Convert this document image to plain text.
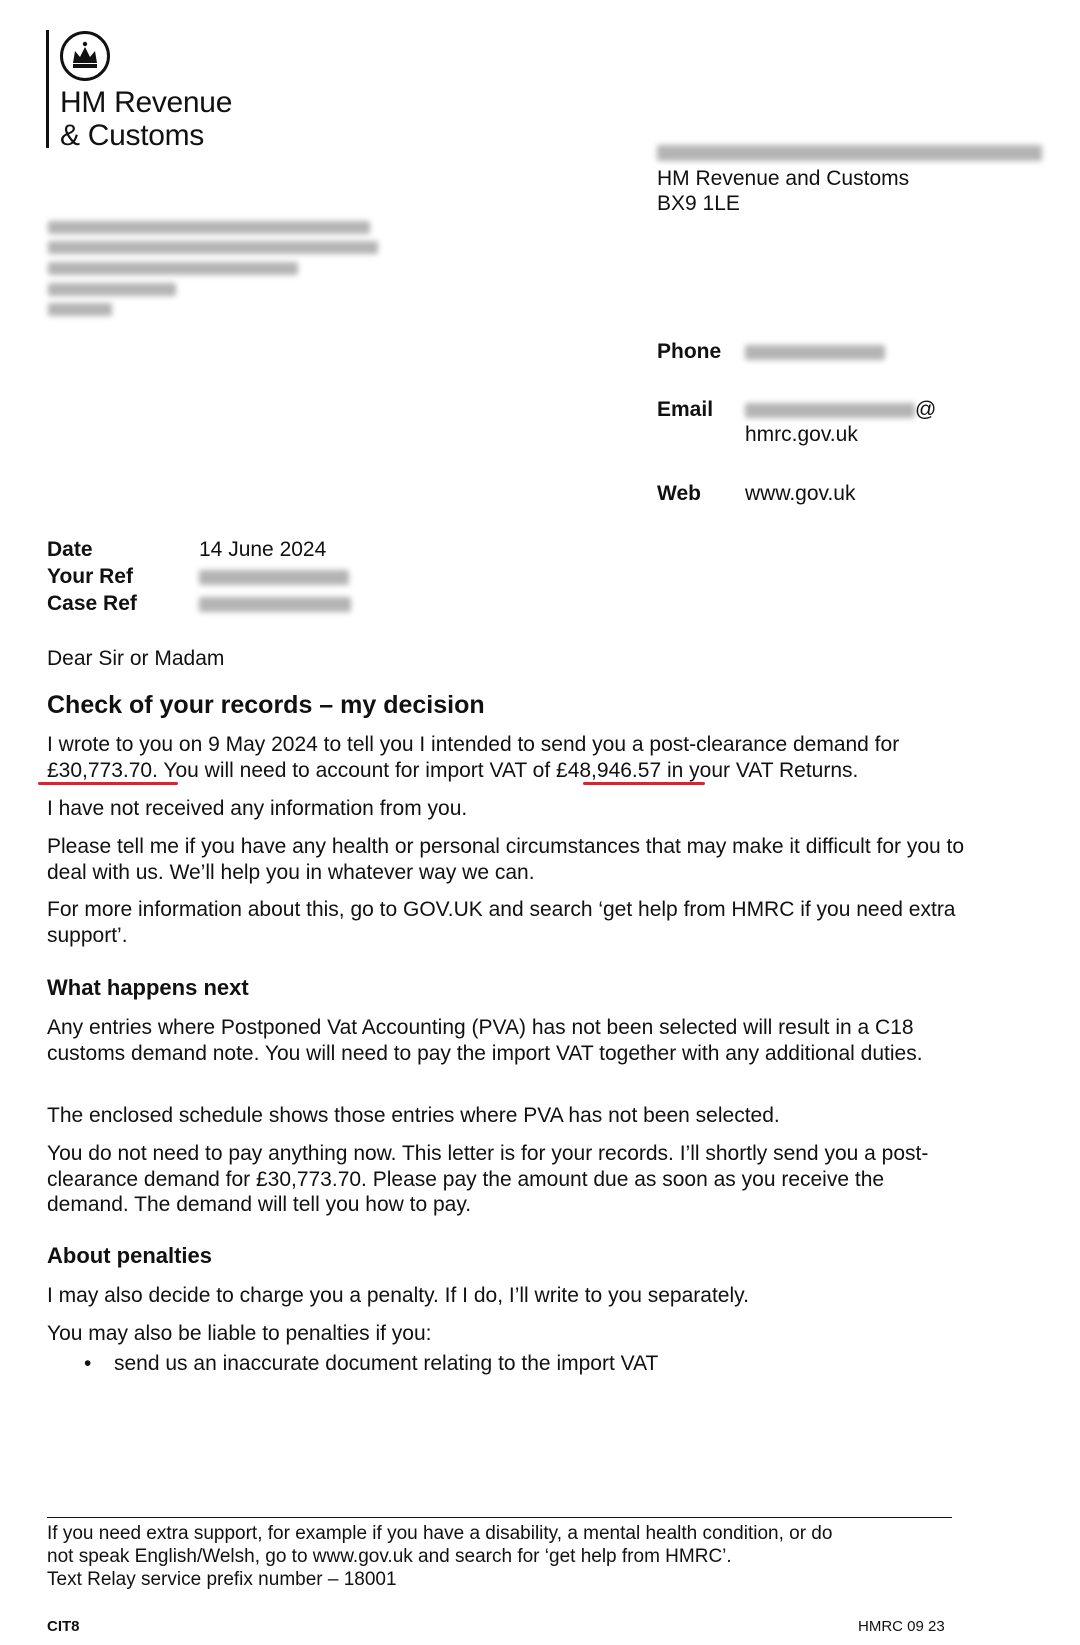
HM Revenue
& Customs
HM Revenue and Customs
BX9 1LE
Phone
Email	@
hmrc.gov.uk
Web www.gov.uk
Date	14 June 2024
Your Ref
Case Ref
Dear Sir or Madam
Check of your records – my decision
I wrote to you on 9 May 2024 to tell you I intended to send you a post-clearance demand for
£30,773.70. You will need to account for import VAT of £48,946.57 in your VAT Returns.
I have not received any information from you.
Please tell me if you have any health or personal circumstances that may make it difficult for you to deal with us. We’ll help you in whatever way we can.
For more information about this, go to GOV.UK and search ‘get help from HMRC if you need extra support’.
What happens next
Any entries where Postponed Vat Accounting (PVA) has not been selected will result in a C18 customs demand note. You will need to pay the import VAT together with any additional duties.
The enclosed schedule shows those entries where PVA has not been selected.
You do not need to pay anything now. This letter is for your records. I’ll shortly send you a post-clearance demand for £30,773.70. Please pay the amount due as soon as you receive the demand. The demand will tell you how to pay.
About penalties
I may also decide to charge you a penalty. If I do, I’ll write to you separately.
You may also be liable to penalties if you:
• send us an inaccurate document relating to the import VAT
If you need extra support, for example if you have a disability, a mental health condition, or do
not speak English/Welsh, go to www.gov.uk and search for ‘get help from HMRC’.
Text Relay service prefix number – 18001
CIT8	HMRC 09 23
